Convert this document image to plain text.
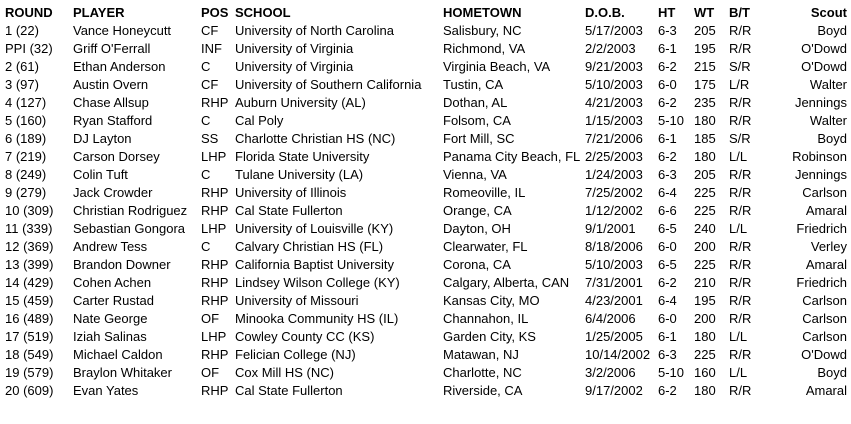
ROUND	PLAYER	POS	SCHOOL	HOMETOWN	D.O.B.	HT	WT	B/T	Scout
1 (22)	Vance Honeycutt	CF	University of North Carolina	Salisbury, NC	5/17/2003	6-3	205	R/R	Boyd
PPI (32)	Griff O'Ferrall	INF	University of Virginia	Richmond, VA	2/2/2003	6-1	195	R/R	O'Dowd
2 (61)	Ethan Anderson	C	University of Virginia	Virginia Beach, VA	9/21/2003	6-2	215	S/R	O'Dowd
3 (97)	Austin Overn	CF	University of Southern California	Tustin, CA	5/10/2003	6-0	175	L/R	Walter
4 (127)	Chase Allsup	RHP	Auburn University (AL)	Dothan, AL	4/21/2003	6-2	235	R/R	Jennings
5 (160)	Ryan Stafford	C	Cal Poly	Folsom, CA	1/15/2003	5-10	180	R/R	Walter
6 (189)	DJ Layton	SS	Charlotte Christian HS (NC)	Fort Mill, SC	7/21/2006	6-1	185	S/R	Boyd
7 (219)	Carson Dorsey	LHP	Florida State University	Panama City Beach, FL	2/25/2003	6-2	180	L/L	Robinson
8 (249)	Colin Tuft	C	Tulane University (LA)	Vienna, VA	1/24/2003	6-3	205	R/R	Jennings
9 (279)	Jack Crowder	RHP	University of Illinois	Romeoville, IL	7/25/2002	6-4	225	R/R	Carlson
10 (309)	Christian Rodriguez	RHP	Cal State Fullerton	Orange, CA	1/12/2002	6-6	225	R/R	Amaral
11 (339)	Sebastian Gongora	LHP	University of Louisville (KY)	Dayton, OH	9/1/2001	6-5	240	L/L	Friedrich
12 (369)	Andrew Tess	C	Calvary Christian HS (FL)	Clearwater, FL	8/18/2006	6-0	200	R/R	Verley
13 (399)	Brandon Downer	RHP	California Baptist University	Corona, CA	5/10/2003	6-5	225	R/R	Amaral
14 (429)	Cohen Achen	RHP	Lindsey Wilson College (KY)	Calgary, Alberta, CAN	7/31/2001	6-2	210	R/R	Friedrich
15 (459)	Carter Rustad	RHP	University of Missouri	Kansas City, MO	4/23/2001	6-4	195	R/R	Carlson
16 (489)	Nate George	OF	Minooka Community HS (IL)	Channahon, IL	6/4/2006	6-0	200	R/R	Carlson
17 (519)	Iziah Salinas	LHP	Cowley County CC (KS)	Garden City, KS	1/25/2005	6-1	180	L/L	Carlson
18 (549)	Michael Caldon	RHP	Felician College (NJ)	Matawan, NJ	10/14/2002	6-3	225	R/R	O'Dowd
19 (579)	Braylon Whitaker	OF	Cox Mill HS (NC)	Charlotte, NC	3/2/2006	5-10	160	L/L	Boyd
20 (609)	Evan Yates	RHP	Cal State Fullerton	Riverside, CA	9/17/2002	6-2	180	R/R	Amaral
